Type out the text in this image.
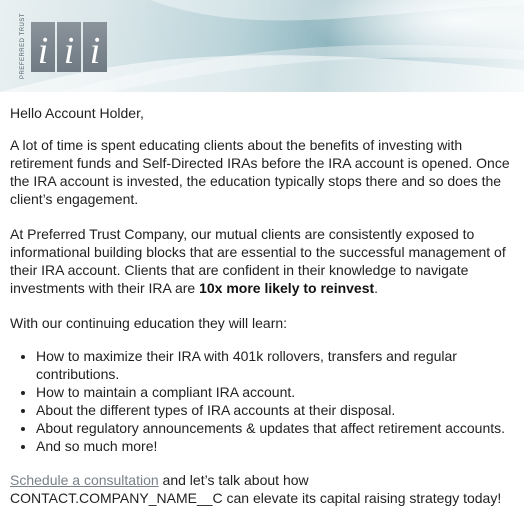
PREFERRED TRUST i i i

Hello Account Holder,

A lot of time is spent educating clients about the benefits of investing with retirement funds and Self-Directed IRAs before the IRA account is opened. Once the IRA account is invested, the education typically stops there and so does the client’s engagement.

At Preferred Trust Company, our mutual clients are consistently exposed to informational building blocks that are essential to the successful management of their IRA account. Clients that are confident in their knowledge to navigate investments with their IRA are 10x more likely to reinvest.

With our continuing education they will learn:

• How to maximize their IRA with 401k rollovers, transfers and regular contributions.
• How to maintain a compliant IRA account.
• About the different types of IRA accounts at their disposal.
• About regulatory announcements & updates that affect retirement accounts.
• And so much more!

Schedule a consultation and let’s talk about how CONTACT.COMPANY_NAME__C can elevate its capital raising strategy today!
